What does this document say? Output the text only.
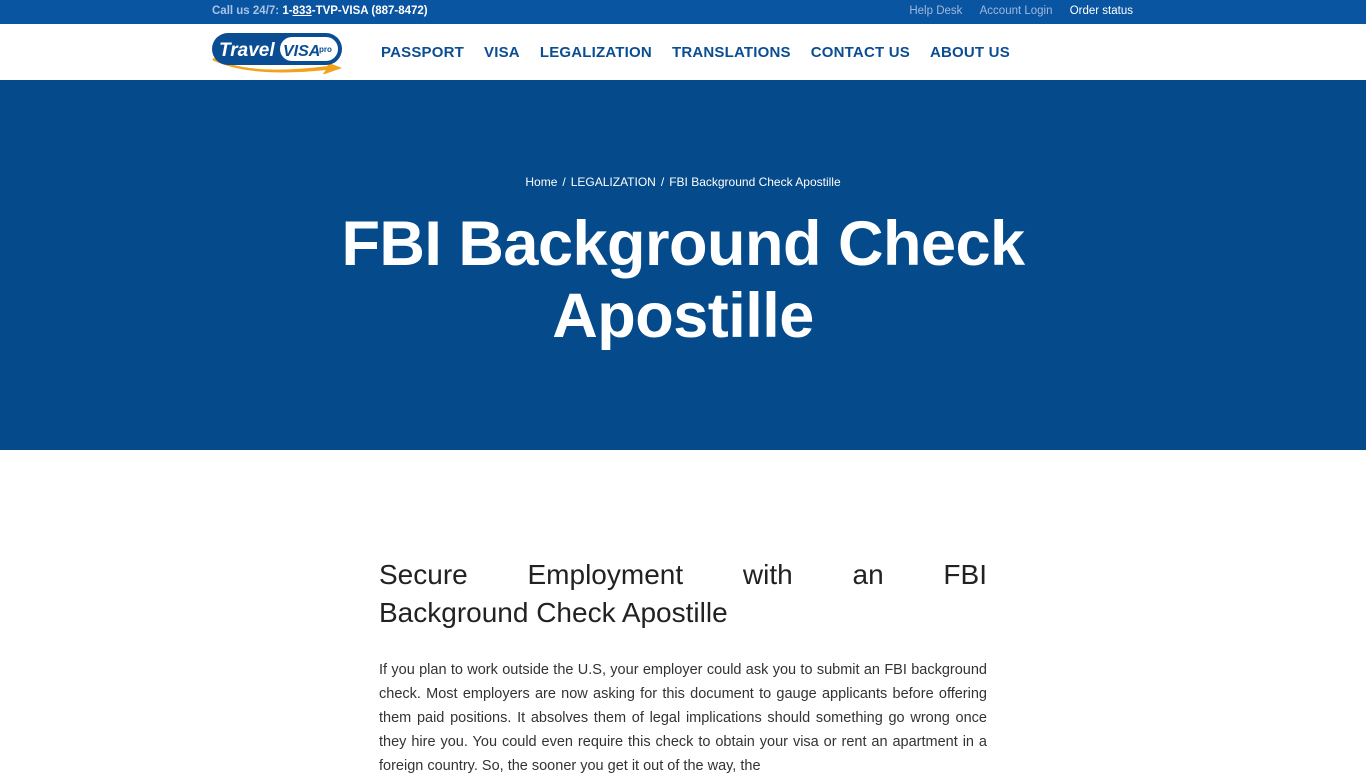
Call us 24/7: 1-833-TVP-VISA (887-8472)	Help Desk Account Login Order status
Travel VISA
pro	PASSPORT VISA LEGALIZATION TRANSLATIONS CONTACT US ABOUT US
Home / LEGALIZATION / FBI Background Check Apostille
FBI Background Check
Apostille
Secure Employment with an FBI
Background Check Apostille

If you plan to work outside the U.S, your employer could ask you to submit an FBI background check. Most employers are now asking for this document to gauge applicants before offering them paid positions. It absolves them of legal implications should something go wrong once they hire you. You could even require this check to obtain your visa or rent an apartment in a foreign country. So, the sooner you get it out of the way, the
